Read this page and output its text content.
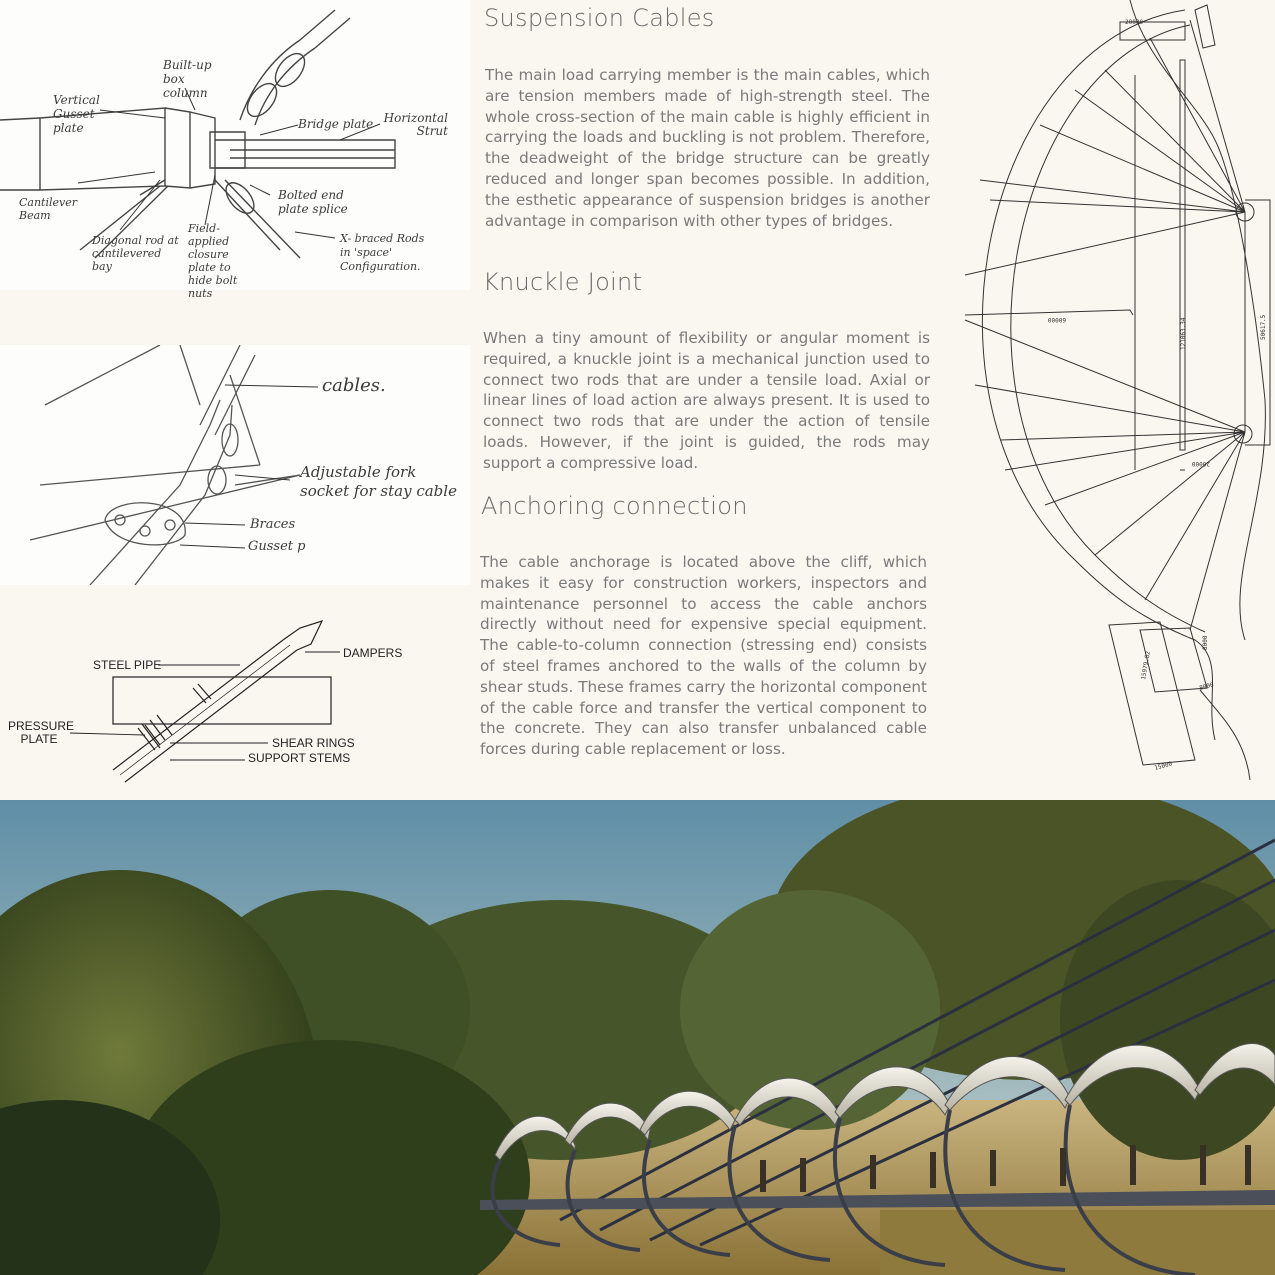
Suspension Cables

The main load carrying member is the main cables, which are tension members made of high-strength steel. The whole cross-section of the main cable is highly efficient in carrying the loads and buckling is not problem. Therefore, the deadweight of the bridge structure can be greatly reduced and longer span becomes possible. In addition, the esthetic appearance of suspension bridges is another advantage in comparison with other types of bridges.

Knuckle Joint

When a tiny amount of flexibility or angular moment is required, a knuckle joint is a mechanical junction used to connect two rods that are under a tensile load. Axial or linear lines of load action are always present. It is used to connect two rods that are under the action of tensile loads. However, if the joint is guided, the rods may support a compressive load.

Anchoring connection

The cable anchorage is located above the cliff, which makes it easy for construction workers, inspectors and maintenance personnel to access the cable anchors directly without need for expensive special equipment. The cable-to-column connection (stressing end) consists of steel frames anchored to the walls of the column by shear studs. These frames carry the horizontal component of the cable force and transfer the vertical component to the concrete. They can also transfer unbalanced cable forces during cable replacement or loss.

Built-up box column
Vertical Gusset plate	Bridge plate Horizontal Strut
Bolted end plate splice
Cantilever Beam
Diagonal rod at cantilevered bay
Field-applied closure plate to hide bolt nuts
X- braced Rods in 'space' Configuration.
cables.
Adjustable fork socket for stay cable
Braces
Gusset p
STEEL PIPE
DAMPERS
PRESSURE PLATE	SHEAR RINGS
SUPPORT STEMS
20000
60000	121063.34	50617.5
20000
15979.82
8000
8000
15000
